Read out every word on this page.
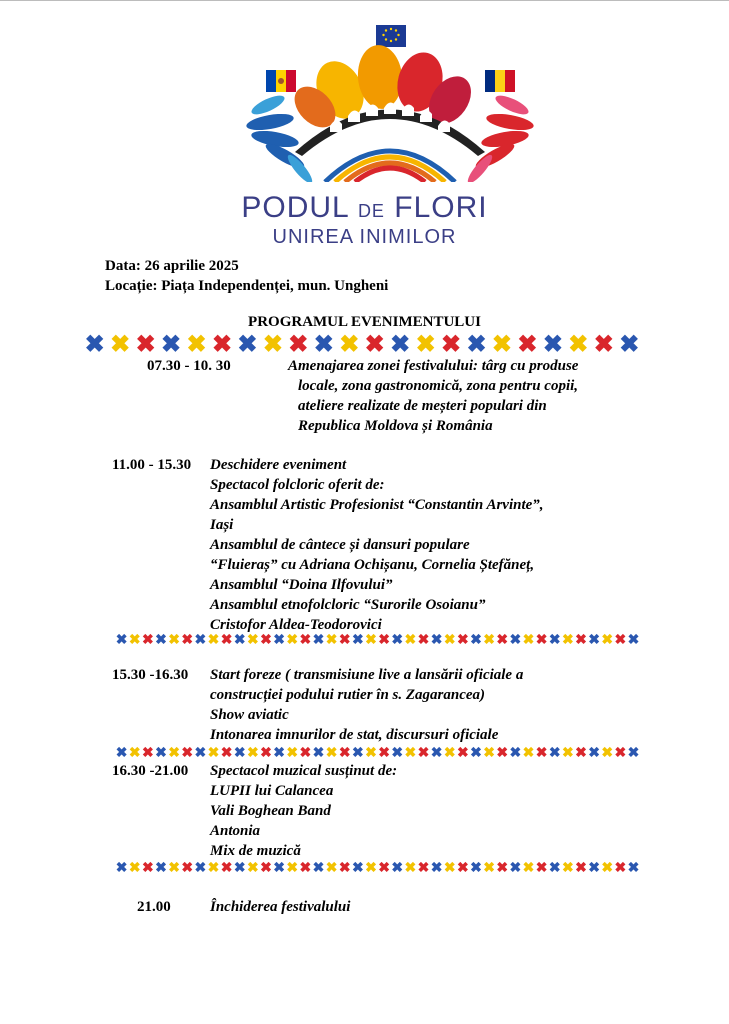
PODUL DE FLORI
UNIREA INIMILOR
Data: 26 aprilie 2025
Locație: Piața Independenței, mun. Ungheni
PROGRAMUL EVENIMENTULUI
✖ ✖ ✖ ✖ ✖ ✖ ✖ ✖ ✖ ✖ ✖ ✖ ✖ ✖ ✖ ✖ ✖ ✖ ✖ ✖ ✖ ✖
✖✖✖✖✖✖✖✖✖✖✖✖✖✖✖✖✖✖✖✖✖✖✖✖✖✖✖✖✖✖✖✖✖✖✖✖✖✖✖✖
✖✖✖✖✖✖✖✖✖✖✖✖✖✖✖✖✖✖✖✖✖✖✖✖✖✖✖✖✖✖✖✖✖✖✖✖✖✖✖✖
✖✖✖✖✖✖✖✖✖✖✖✖✖✖✖✖✖✖✖✖✖✖✖✖✖✖✖✖✖✖✖✖✖✖✖✖✖✖✖✖
07.30 - 10. 30	Amenajarea zonei festivalului: târg cu produse
locale, zona gastronomică, zona pentru copii,
ateliere realizate de meșteri populari din
Republica Moldova și România
11.00 - 15.30 Deschidere eveniment
Spectacol folcloric oferit de:
Ansamblul Artistic Profesionist “Constantin Arvinte”,
Iași
Ansamblul de cântece și dansuri populare
“Fluieraș” cu Adriana Ochișanu, Cornelia Ștefăneț,
Ansamblul “Doina Ilfovului”
Ansamblul etnofolcloric “Surorile Osoianu”
Cristofor Aldea-Teodorovici
15.30 -16.30 Start foreze ( transmisiune live a lansării oficiale a
construcției podului rutier în s. Zagarancea)
Show aviatic
Intonarea imnurilor de stat, discursuri oficiale
16.30 -21.00 Spectacol muzical susținut de:
LUPII lui Calancea
Vali Boghean Band
Antonia
Mix de muzică
21.00	Închiderea festivalului
